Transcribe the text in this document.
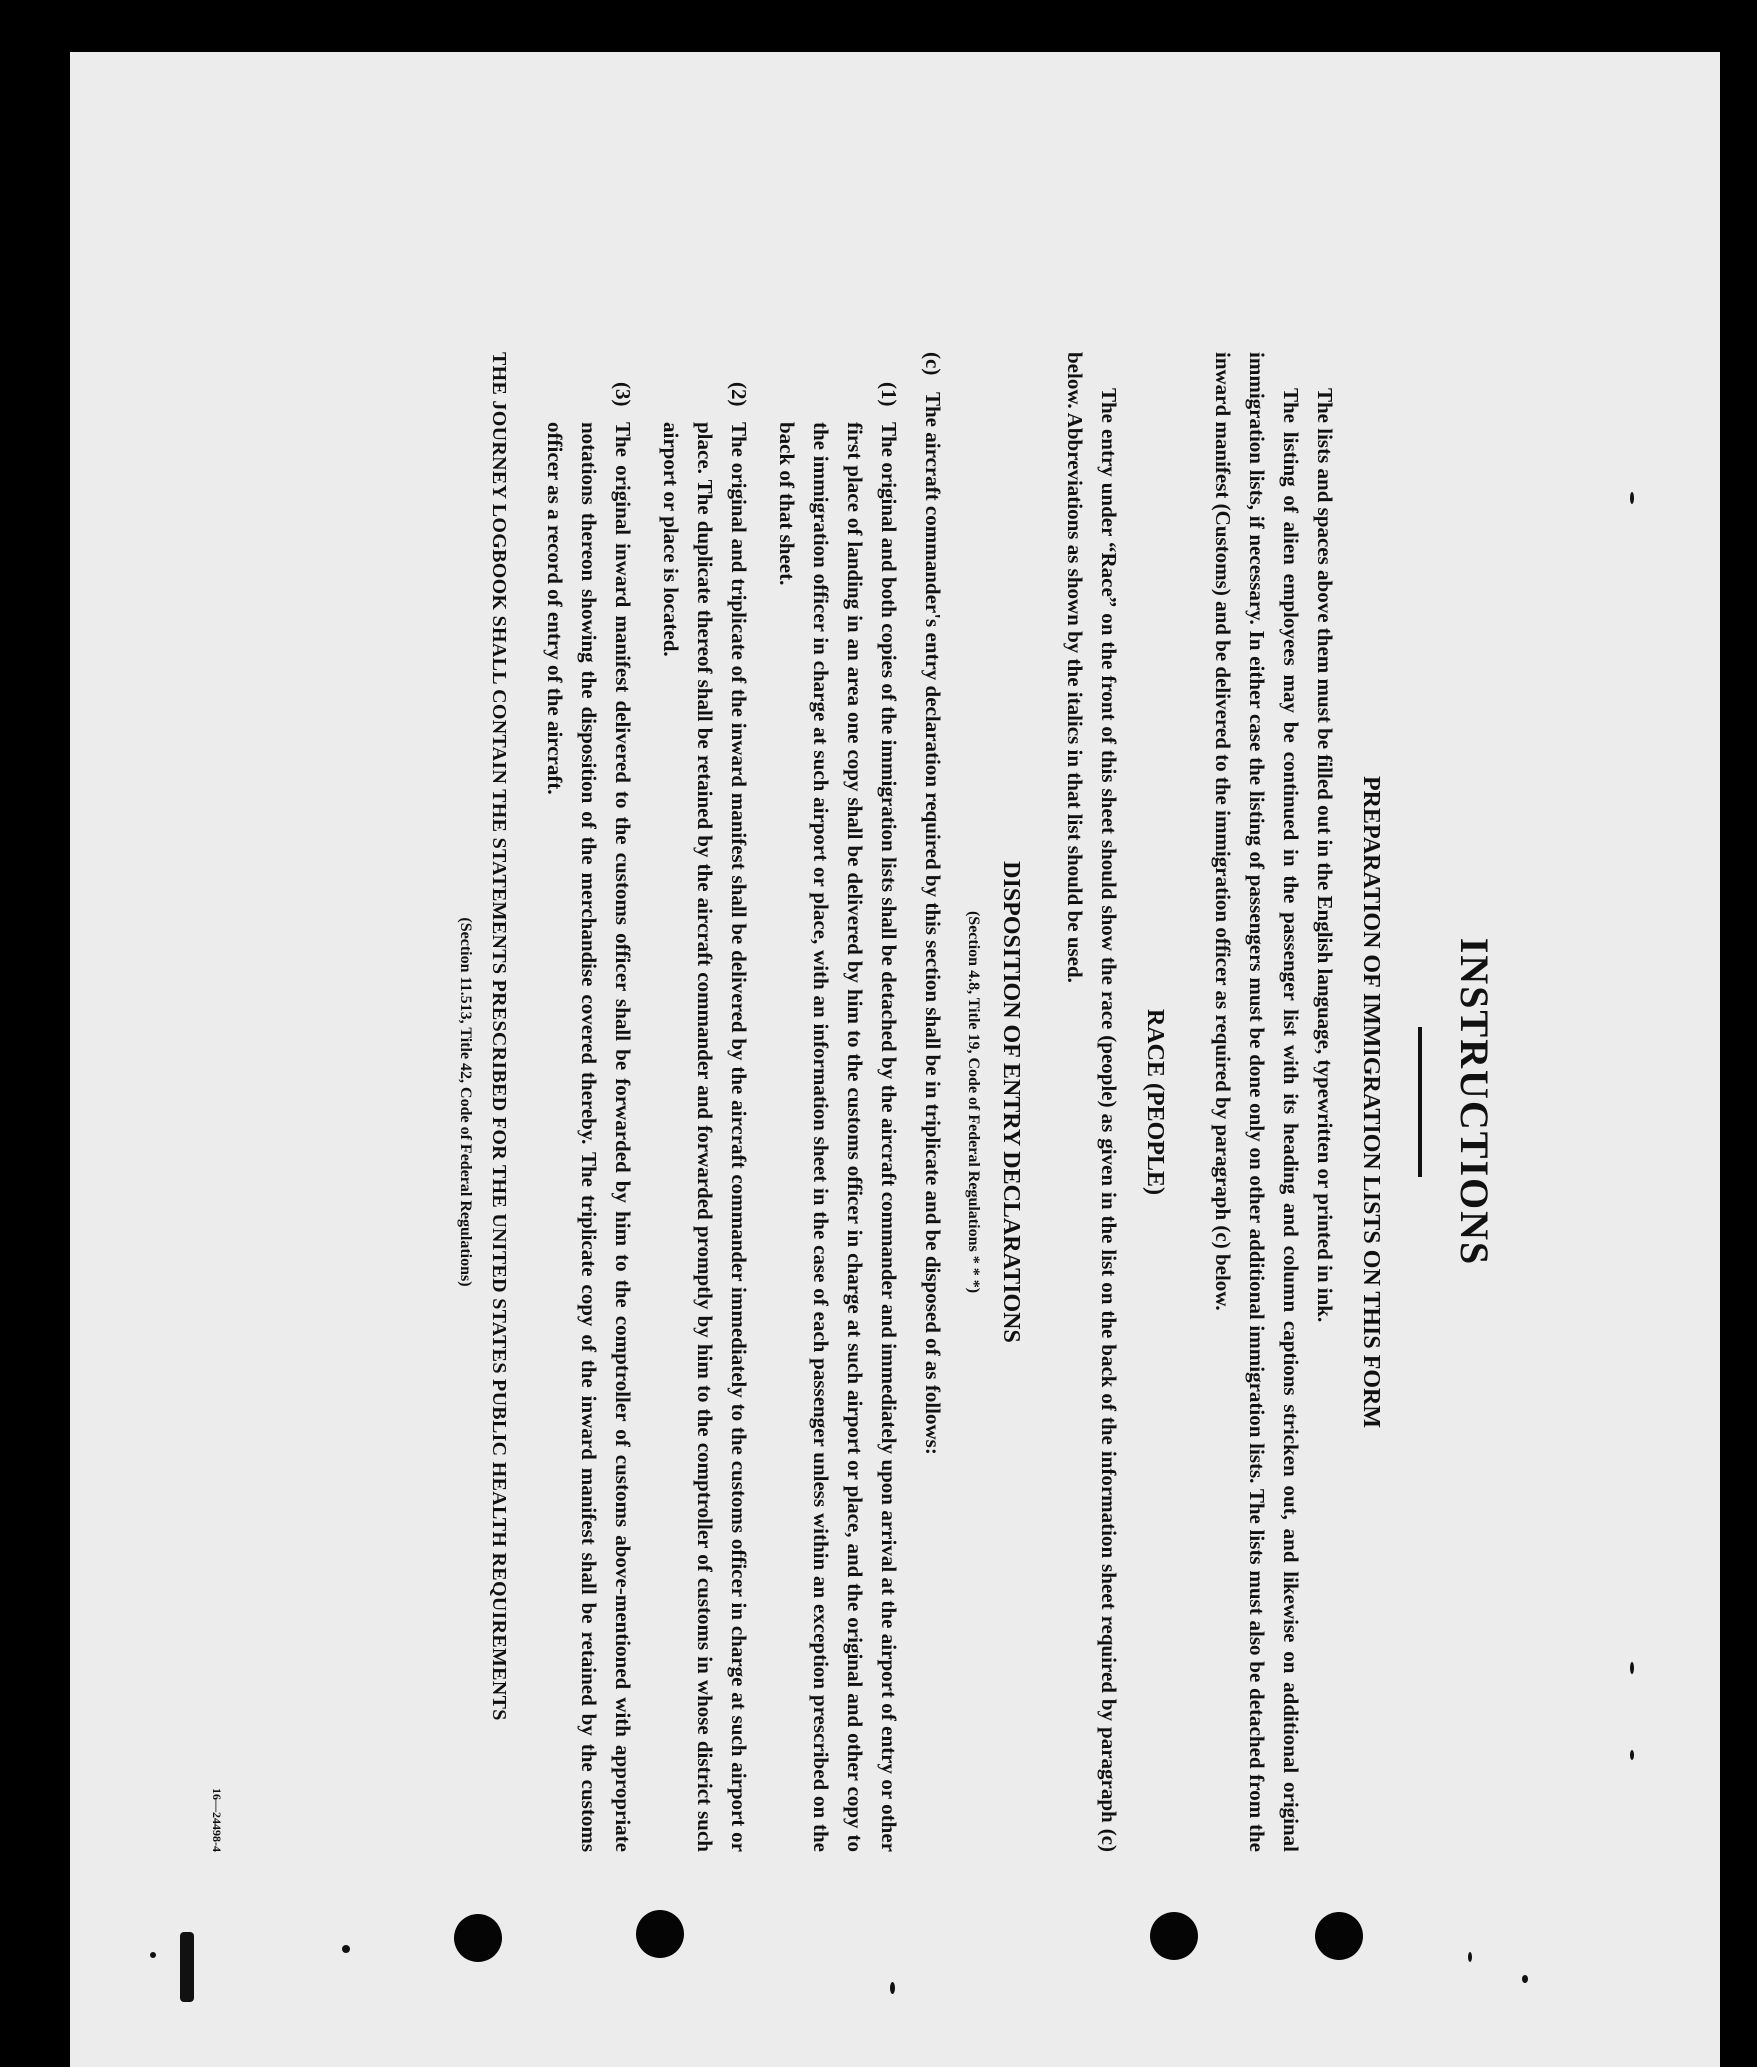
INSTRUCTIONS
PREPARATION OF IMMIGRATION LISTS ON THIS FORM

The lists and spaces above them must be filled out in the English language, typewritten or printed in ink.

The listing of alien employees may be continued in the passenger list with its heading and column captions stricken out, and likewise on additional original immigration lists, if necessary. In either case the listing of passengers must be done only on other additional immigration lists. The lists must also be detached from the inward manifest (Customs) and be delivered to the immigration officer as required by paragraph (c) below.

RACE (PEOPLE)

The entry under “Race” on the front of this sheet should show the race (people) as given in the list on the back of the information sheet required by paragraph (c) below. Abbreviations as shown by the italics in that list should be used.

DISPOSITION OF ENTRY DECLARATIONS
(Section 4.8, Title 19, Code of Federal Regulations * * *)
(c)
The aircraft commander's entry declaration required by this section shall be in triplicate and be disposed of as follows:
(1)
The original and both copies of the immigration lists shall be detached by the aircraft commander and immediately upon arrival at the airport of entry or other first place of landing in an area one copy shall be delivered by him to the customs officer in charge at such airport or place, and the original and other copy to the immigration officer in charge at such airport or place, with an information sheet in the case of each passenger unless within an exception prescribed on the back of that sheet.
(2)
The original and triplicate of the inward manifest shall be delivered by the aircraft commander immediately to the customs officer in charge at such airport or place. The duplicate thereof shall be retained by the aircraft commander and forwarded promptly by him to the comptroller of customs in whose district such airport or place is located.
(3)
The original inward manifest delivered to the customs officer shall be forwarded by him to the comptroller of customs above-mentioned with appropriate notations thereon showing the disposition of the merchandise covered thereby. The triplicate copy of the inward manifest shall be retained by the customs officer as a record of entry of the aircraft.

THE JOURNEY LOGBOOK SHALL CONTAIN THE STATEMENTS PRESCRIBED FOR THE UNITED STATES PUBLIC HEALTH REQUIREMENTS

(Section 11.513, Title 42, Code of Federal Regulations)
16—24498-4
